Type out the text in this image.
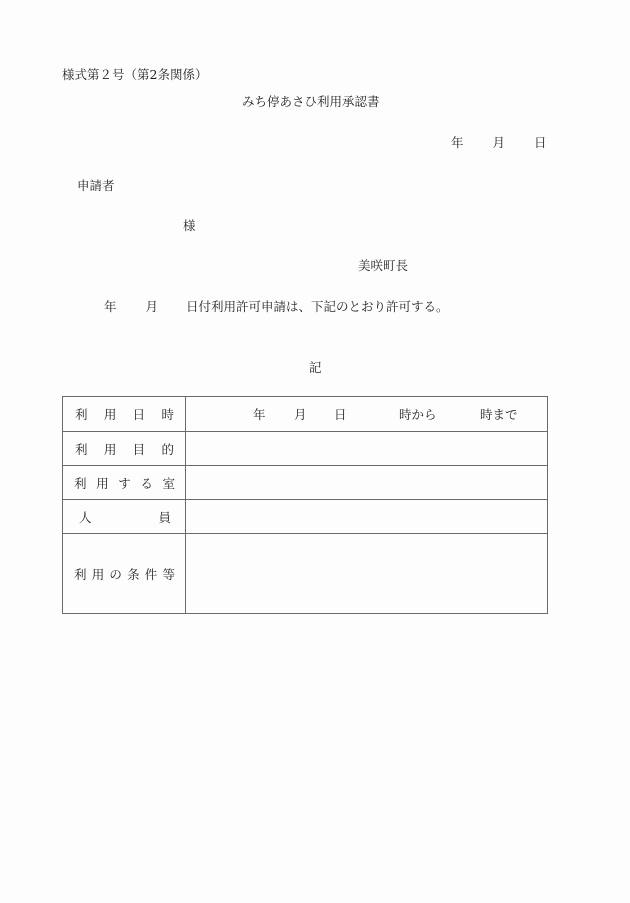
様式第２号（第2条関係）
みち停あさひ利用承認書
年 月 日
申請者
様
美咲町長
年 月 日付利用許可申請は、下記のとおり許可する。
記
利 用 日 時	年 月 日 時から 時まで

利 用 目 的	

利 用 す る 室	

人 員	

利 用 の 条 件 等
